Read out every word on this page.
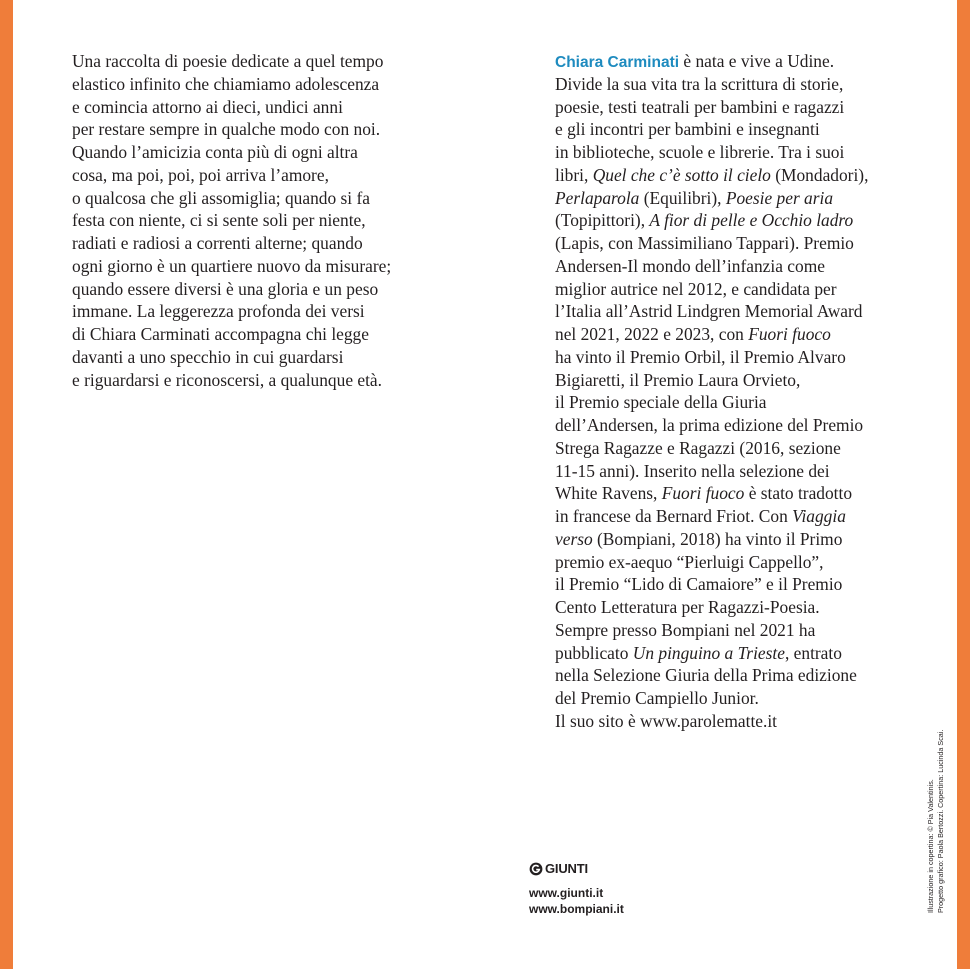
Una raccolta di poesie dedicate a quel tempo
elastico infinito che chiamiamo adolescenza
e comincia attorno ai dieci, undici anni
per restare sempre in qualche modo con noi.
Quando l’amicizia conta più di ogni altra
cosa, ma poi, poi, poi arriva l’amore,
o qualcosa che gli assomiglia; quando si fa
festa con niente, ci si sente soli per niente,
radiati e radiosi a correnti alterne; quando
ogni giorno è un quartiere nuovo da misurare;
quando essere diversi è una gloria e un peso
immane. La leggerezza profonda dei versi
di Chiara Carminati accompagna chi legge
davanti a uno specchio in cui guardarsi
e riguardarsi e riconoscersi, a qualunque età.
Chiara Carminati è nata e vive a Udine.
Divide la sua vita tra la scrittura di storie,
poesie, testi teatrali per bambini e ragazzi
e gli incontri per bambini e insegnanti
in biblioteche, scuole e librerie. Tra i suoi
libri, Quel che c’è sotto il cielo (Mondadori),
Perlaparola (Equilibri), Poesie per aria
(Topipittori), A fior di pelle e Occhio ladro
(Lapis, con Massimiliano Tappari). Premio
Andersen-Il mondo dell’infanzia come
miglior autrice nel 2012, e candidata per
l’Italia all’Astrid Lindgren Memorial Award
nel 2021, 2022 e 2023, con Fuori fuoco
ha vinto il Premio Orbil, il Premio Alvaro
Bigiaretti, il Premio Laura Orvieto,
il Premio speciale della Giuria
dell’Andersen, la prima edizione del Premio
Strega Ragazze e Ragazzi (2016, sezione
11-15 anni). Inserito nella selezione dei
White Ravens, Fuori fuoco è stato tradotto
in francese da Bernard Friot. Con Viaggia
verso (Bompiani, 2018) ha vinto il Primo
premio ex-aequo “Pierluigi Cappello”,
il Premio “Lido di Camaiore” e il Premio
Cento Letteratura per Ragazzi-Poesia.
Sempre presso Bompiani nel 2021 ha
pubblicato Un pinguino a Trieste, entrato
nella Selezione Giuria della Prima edizione
del Premio Campiello Junior.
Il suo sito è www.parolematte.it
GIUNTI
www.giunti.it
www.bompiani.it	Illustrazione in copertina: © Pia Valentinis. Progetto grafico: Paola Bertozzi. Copertina: Lucinda Scai.
